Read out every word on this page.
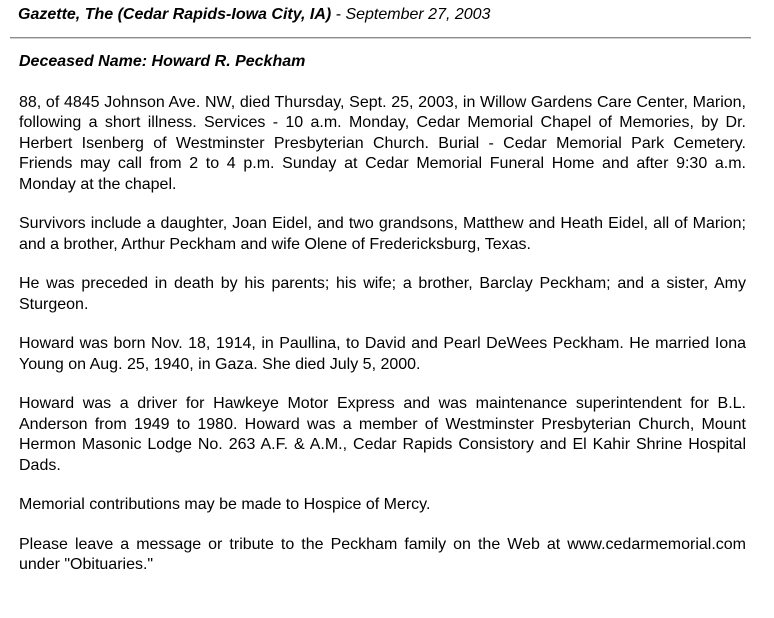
Gazette, The (Cedar Rapids-Iowa City, IA) - September 27, 2003
Deceased Name: Howard R. Peckham

88, of 4845 Johnson Ave. NW, died Thursday, Sept. 25, 2003, in Willow Gardens Care Center, Marion, following a short illness. Services - 10 a.m. Monday, Cedar Memorial Chapel of Memories, by Dr. Herbert Isenberg of Westminster Presbyterian Church. Burial - Cedar Memorial Park Cemetery. Friends may call from 2 to 4 p.m. Sunday at Cedar Memorial Funeral Home and after 9:30 a.m. Monday at the chapel.

Survivors include a daughter, Joan Eidel, and two grandsons, Matthew and Heath Eidel, all of Marion; and a brother, Arthur Peckham and wife Olene of Fredericksburg, Texas.

He was preceded in death by his parents; his wife; a brother, Barclay Peckham; and a sister, Amy Sturgeon.

Howard was born Nov. 18, 1914, in Paullina, to David and Pearl DeWees Peckham. He married Iona Young on Aug. 25, 1940, in Gaza. She died July 5, 2000.

Howard was a driver for Hawkeye Motor Express and was maintenance superintendent for B.L. Anderson from 1949 to 1980. Howard was a member of Westminster Presbyterian Church, Mount Hermon Masonic Lodge No. 263 A.F. & A.M., Cedar Rapids Consistory and El Kahir Shrine Hospital Dads.

Memorial contributions may be made to Hospice of Mercy.

Please leave a message or tribute to the Peckham family on the Web at www.cedarmemorial.com under "Obituaries."
